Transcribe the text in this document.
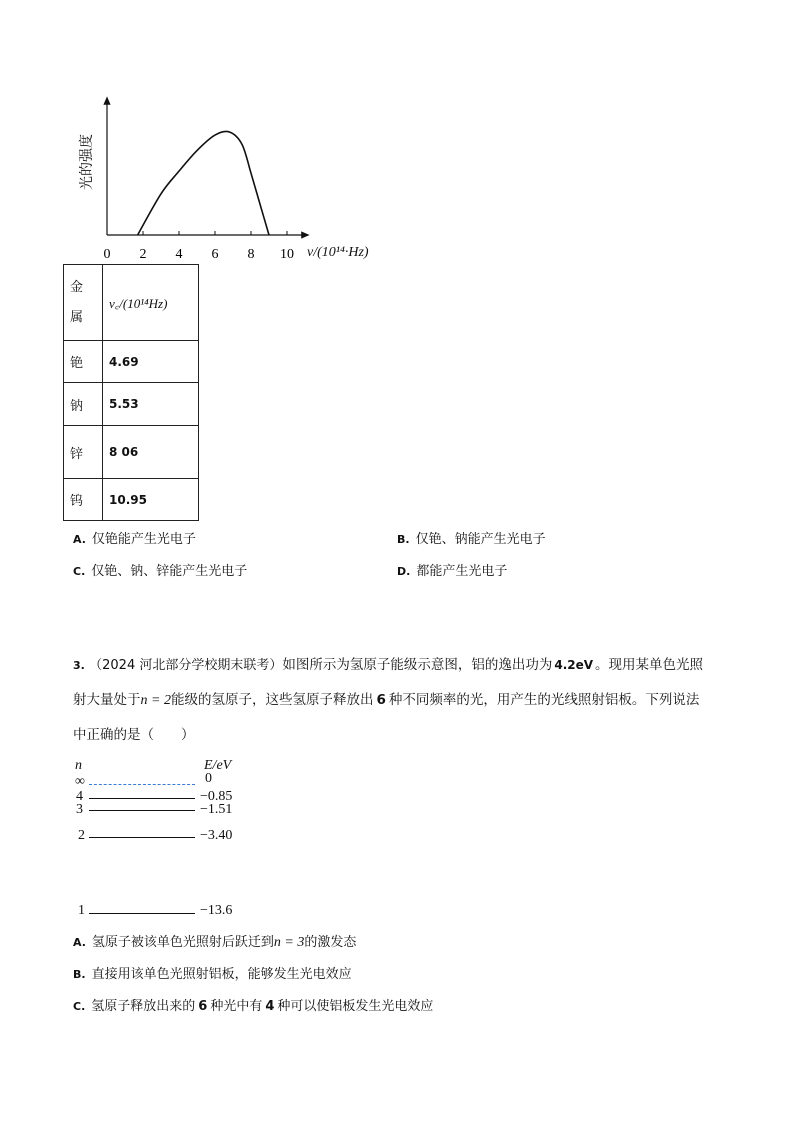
0 2 4 6 8 10
光的强度
ν/(10¹⁴·Hz)
金属	ν꜀/(10¹⁴Hz)
铯	4.69
钠	5.53
锌	8 06
钨	10.95
A. 仅铯能产生光电子	B. 仅铯、钠能产生光电子
C. 仅铯、钠、锌能产生光电子	D. 都能产生光电子
3. （2024 河北部分学校期末联考）如图所示为氢原子能级示意图，铝的逸出功为 4.2eV 。现用某单色光照
射大量处于n = 2能级的氢原子，这些氢原子释放出 6 种不同频率的光，用产生的光线照射铝板。下列说法
中正确的是（　　）
n	E/eV
∞	0
4	−0.85
3	−1.51
2	−3.40
1	−13.6
A. 氢原子被该单色光照射后跃迁到n = 3的激发态
B. 直接用该单色光照射铝板，能够发生光电效应
C. 氢原子释放出来的 6 种光中有 4 种可以使铝板发生光电效应
